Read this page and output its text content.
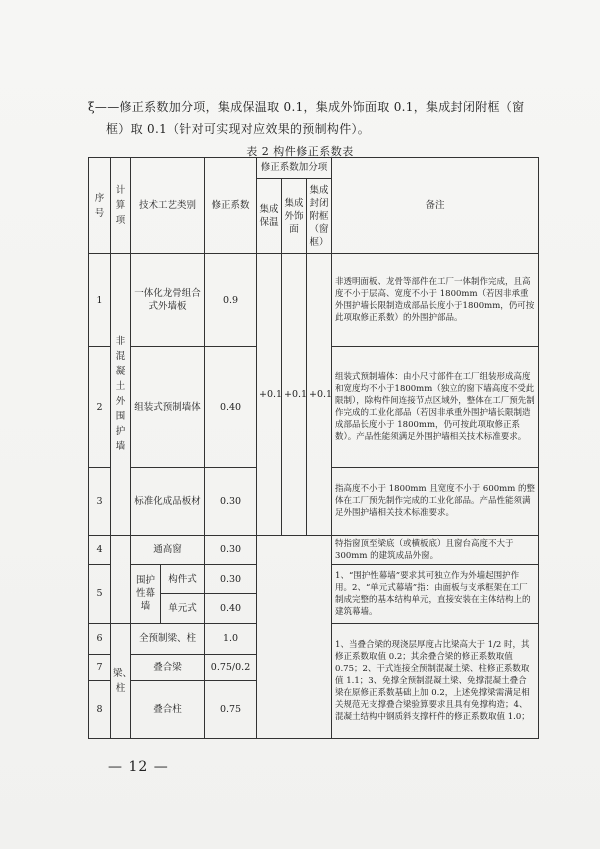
ξ——修正系数加分项，集成保温取 0.1，集成外饰面取 0.1，集成封闭附框（窗
框）取 0.1（针对可实现对应效果的预制构件）。
表 2 构件修正系数表
序号	计算项	技术工艺类别		修正系数	修正系数加分项			备注
					集成保温	集成外饰面	集成封闭附框（窗框）	
1	非混凝土外围护墙	一体化龙骨组合式外墙板		0.9	+0.1	+0.1	+0.1	非透明面板、龙骨等部件在工厂一体制作完成，且高度不小于层高、宽度不小于 1800mm（若因非承重外围护墙长限制造成部品长度小于1800mm，仍可按此项取修正系数）的外围护部品。
2		组装式预制墙体		0.40				组装式预制墙体：由小尺寸部件在工厂组装形成高度和宽度均不小于1800mm（独立的窗下墙高度不受此限制），除构件间连接节点区域外，整体在工厂预先制作完成的工业化部品（若因非承重外围护墙长限制造成部品长度小于 1800mm，仍可按此项取修正系数）。产品性能须满足外围护墙相关技术标准要求。
3		标准化成品板材		0.30				指高度不小于 1800mm 且宽度不小于 600mm 的整体在工厂预先制作完成的工业化部品。产品性能须满足外围护墙相关技术标准要求。
4		通高窗		0.30				特指窗顶至梁底（或横板底）且窗台高度不大于 300mm 的建筑成品外窗。
5		围护性幕墙	构件式	0.30				1、“围护性幕墙”要求其可独立作为外墙起围护作用。2、“单元式幕墙”指：由面板与支承框架在工厂制成完整的基本结构单元，直接安装在主体结构上的建筑幕墙。
			单元式	0.40				
6	梁、柱	全预制梁、柱		1.0				1、当叠合梁的现浇层厚度占比梁高大于 1/2 时，其修正系数取值 0.2；其余叠合梁的修正系数取值 0.75；2、干式连接全预制混凝土梁、柱修正系数取值 1.1；3、免撑全预制混凝土梁、免撑混凝土叠合梁在原修正系数基础上加 0.2，上述免撑梁需满足相关规范无支撑叠合梁验算要求且具有免撑构造；4、混凝土结构中钢质斜支撑杆件的修正系数取值 1.0；
7		叠合梁		0.75/0.2				
8		叠合柱		0.75				
— 12 —
